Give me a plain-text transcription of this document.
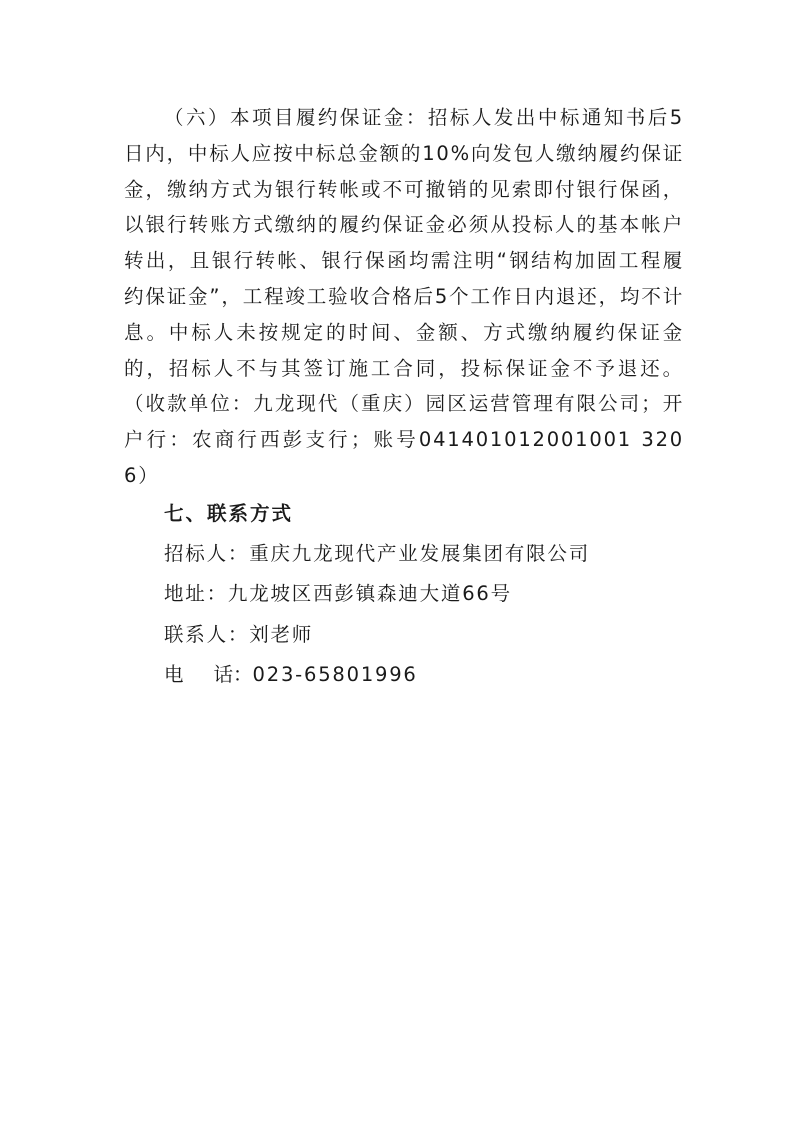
（六）本项目履约保证金：招标人发出中标通知书后5日内，中标人应按中标总金额的10%向发包人缴纳履约保证金，缴纳方式为银行转帐或不可撤销的见索即付银行保函，以银行转账方式缴纳的履约保证金必须从投标人的基本帐户转出，且银行转帐、银行保函均需注明“钢结构加固工程履约保证金”，工程竣工验收合格后5个工作日内退还，均不计息。中标人未按规定的时间、金额、方式缴纳履约保证金的，招标人不与其签订施工合同，投标保证金不予退还。（收款单位：九龙现代（重庆）园区运营管理有限公司；开户行：农商行西彭支行；账号041401012001001 3206）

七、联系方式

招标人：重庆九龙现代产业发展集团有限公司

地址：九龙坡区西彭镇森迪大道66号

联系人：刘老师

电 话：023-65801996
